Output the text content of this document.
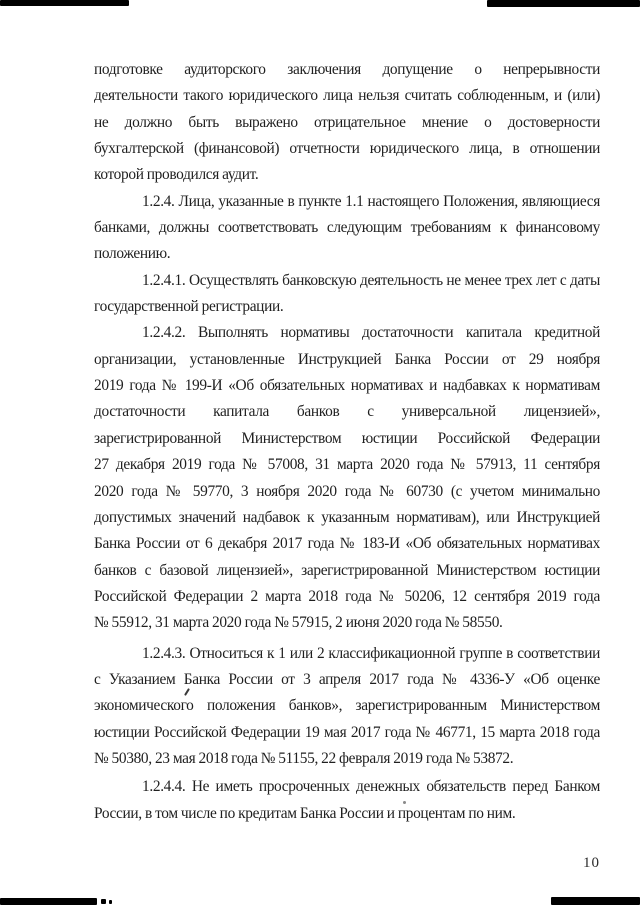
подготовке аудиторского заключения допущение о непрерывности
деятельности такого юридического лица нельзя считать соблюденным, и (или)
не должно быть выражено отрицательное мнение о достоверности
бухгалтерской (финансовой) отчетности юридического лица, в отношении
которой проводился аудит.
1.2.4. Лица, указанные в пункте 1.1 настоящего Положения, являющиеся
банками, должны соответствовать следующим требованиям к финансовому
положению.
1.2.4.1. Осуществлять банковскую деятельность не менее трех лет с даты
государственной регистрации.
1.2.4.2. Выполнять нормативы достаточности капитала кредитной
организации, установленные Инструкцией Банка России от 29 ноября
2019 года № 199-И «Об обязательных нормативах и надбавках к нормативам
достаточности капитала банков с универсальной лицензией»,
зарегистрированной Министерством юстиции Российской Федерации
27 декабря 2019 года № 57008, 31 марта 2020 года № 57913, 11 сентября
2020 года № 59770, 3 ноября 2020 года № 60730 (с учетом минимально
допустимых значений надбавок к указанным нормативам), или Инструкцией
Банка России от 6 декабря 2017 года № 183-И «Об обязательных нормативах
банков с базовой лицензией», зарегистрированной Министерством юстиции
Российской Федерации 2 марта 2018 года № 50206, 12 сентября 2019 года
№ 55912, 31 марта 2020 года № 57915, 2 июня 2020 года № 58550.
1.2.4.3. Относиться к 1 или 2 классификационной группе в соответствии
с Указанием Банка России от 3 апреля 2017 года № 4336-У «Об оценке
экономического положения банков», зарегистрированным Министерством
юстиции Российской Федерации 19 мая 2017 года № 46771, 15 марта 2018 года
№ 50380, 23 мая 2018 года № 51155, 22 февраля 2019 года № 53872.
1.2.4.4. Не иметь просроченных денежных обязательств перед Банком
России, в том числе по кредитам Банка России и процентам по ним.
10
